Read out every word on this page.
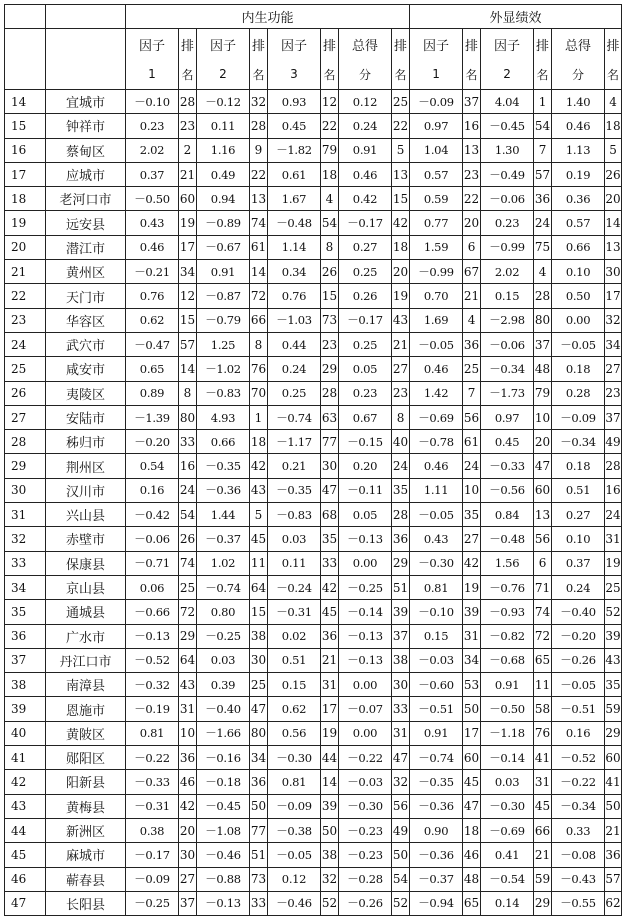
		内生功能								外显绩效					
		因子	排	因子	排	因子	排	总得	排	因子	排	因子	排	总得	排
		1	名	2	名	3	名	分	名	1	名	2	名	分	名
14	宜城市	－0.10	28	－0.12	32	0.93	12	0.12	25	－0.09	37	4.04	1	1.40	4
15	钟祥市	0.23	23	0.11	28	0.45	22	0.24	22	0.97	16	－0.45	54	0.46	18
16	蔡甸区	2.02	2	1.16	9	－1.82	79	0.91	5	1.04	13	1.30	7	1.13	5
17	应城市	0.37	21	0.49	22	0.61	18	0.46	13	0.57	23	－0.49	57	0.19	26
18	老河口市	－0.50	60	0.94	13	1.67	4	0.42	15	0.59	22	－0.06	36	0.36	20
19	远安县	0.43	19	－0.89	74	－0.48	54	－0.17	42	0.77	20	0.23	24	0.57	14
20	潜江市	0.46	17	－0.67	61	1.14	8	0.27	18	1.59	6	－0.99	75	0.66	13
21	黄州区	－0.21	34	0.91	14	0.34	26	0.25	20	－0.99	67	2.02	4	0.10	30
22	天门市	0.76	12	－0.87	72	0.76	15	0.26	19	0.70	21	0.15	28	0.50	17
23	华容区	0.62	15	－0.79	66	－1.03	73	－0.17	43	1.69	4	－2.98	80	0.00	32
24	武穴市	－0.47	57	1.25	8	0.44	23	0.25	21	－0.05	36	－0.06	37	－0.05	34
25	咸安市	0.65	14	－1.02	76	0.24	29	0.05	27	0.46	25	－0.34	48	0.18	27
26	夷陵区	0.89	8	－0.83	70	0.25	28	0.23	23	1.42	7	－1.73	79	0.28	23
27	安陆市	－1.39	80	4.93	1	－0.74	63	0.67	8	－0.69	56	0.97	10	－0.09	37
28	秭归市	－0.20	33	0.66	18	－1.17	77	－0.15	40	－0.78	61	0.45	20	－0.34	49
29	荆州区	0.54	16	－0.35	42	0.21	30	0.20	24	0.46	24	－0.33	47	0.18	28
30	汉川市	0.16	24	－0.36	43	－0.35	47	－0.11	35	1.11	10	－0.56	60	0.51	16
31	兴山县	－0.42	54	1.44	5	－0.83	68	0.05	28	－0.05	35	0.84	13	0.27	24
32	赤壁市	－0.06	26	－0.37	45	0.03	35	－0.13	36	0.43	27	－0.48	56	0.10	31
33	保康县	－0.71	74	1.02	11	0.11	33	0.00	29	－0.30	42	1.56	6	0.37	19
34	京山县	0.06	25	－0.74	64	－0.24	42	－0.25	51	0.81	19	－0.76	71	0.24	25
35	通城县	－0.66	72	0.80	15	－0.31	45	－0.14	39	－0.10	39	－0.93	74	－0.40	52
36	广水市	－0.13	29	－0.25	38	0.02	36	－0.13	37	0.15	31	－0.82	72	－0.20	39
37	丹江口市	－0.52	64	0.03	30	0.51	21	－0.13	38	－0.03	34	－0.68	65	－0.26	43
38	南漳县	－0.32	43	0.39	25	0.15	31	0.00	30	－0.60	53	0.91	11	－0.05	35
39	恩施市	－0.19	31	－0.40	47	0.62	17	－0.07	33	－0.51	50	－0.50	58	－0.51	59
40	黄陂区	0.81	10	－1.66	80	0.56	19	0.00	31	0.91	17	－1.18	76	0.16	29
41	郧阳区	－0.22	36	－0.16	34	－0.30	44	－0.22	47	－0.74	60	－0.14	41	－0.52	60
42	阳新县	－0.33	46	－0.18	36	0.81	14	－0.03	32	－0.35	45	0.03	31	－0.22	41
43	黄梅县	－0.31	42	－0.45	50	－0.09	39	－0.30	56	－0.36	47	－0.30	45	－0.34	50
44	新洲区	0.38	20	－1.08	77	－0.38	50	－0.23	49	0.90	18	－0.69	66	0.33	21
45	麻城市	－0.17	30	－0.46	51	－0.05	38	－0.23	50	－0.36	46	0.41	21	－0.08	36
46	蕲春县	－0.09	27	－0.88	73	0.12	32	－0.28	54	－0.37	48	－0.54	59	－0.43	57
47	长阳县	－0.25	37	－0.13	33	－0.46	52	－0.26	52	－0.94	65	0.14	29	－0.55	62
